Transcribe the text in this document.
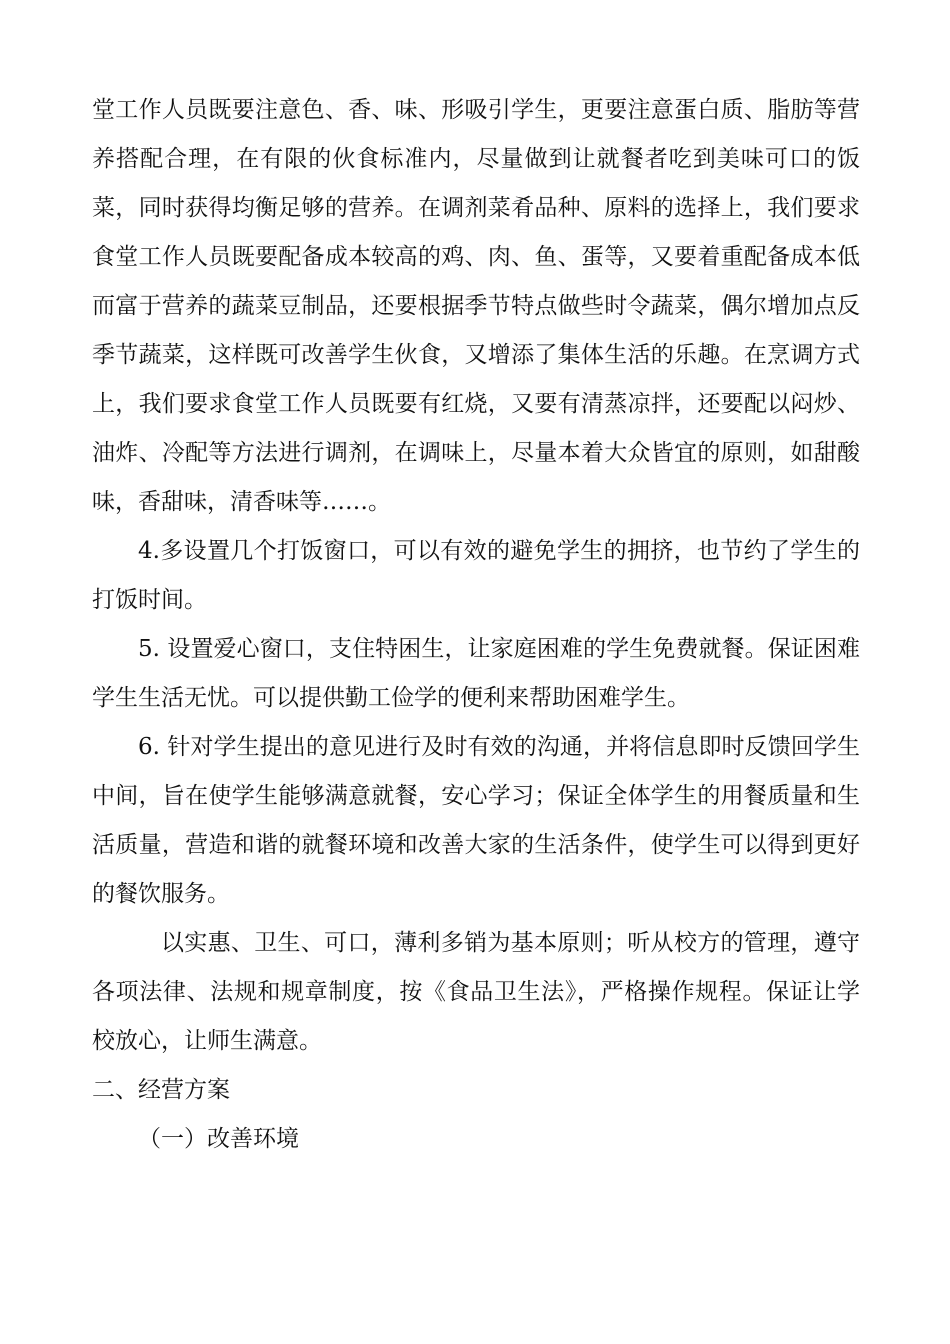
堂工作人员既要注意色、香、味、形吸引学生，更要注意蛋白质、脂肪等营养搭配合理，在有限的伙食标准内，尽量做到让就餐者吃到美味可口的饭菜，同时获得均衡足够的营养。在调剂菜肴品种、原料的选择上，我们要求食堂工作人员既要配备成本较高的鸡、肉、鱼、蛋等，又要着重配备成本低而富于营养的蔬菜豆制品，还要根据季节特点做些时令蔬菜，偶尔增加点反季节蔬菜，这样既可改善学生伙食，又增添了集体生活的乐趣。在烹调方式上，我们要求食堂工作人员既要有红烧，又要有清蒸凉拌，还要配以闷炒、油炸、冷配等方法进行调剂，在调味上，尽量本着大众皆宜的原则，如甜酸味，香甜味，清香味等……。

4.多设置几个打饭窗口，可以有效的避免学生的拥挤，也节约了学生的打饭时间。

5. 设置爱心窗口，支住特困生，让家庭困难的学生免费就餐。保证困难学生生活无忧。可以提供勤工俭学的便利来帮助困难学生。

6. 针对学生提出的意见进行及时有效的沟通，并将信息即时反馈回学生中间，旨在使学生能够满意就餐，安心学习；保证全体学生的用餐质量和生活质量，营造和谐的就餐环境和改善大家的生活条件，使学生可以得到更好的餐饮服务。

以实惠、卫生、可口，薄利多销为基本原则；听从校方的管理，遵守各项法律、法规和规章制度，按《食品卫生法》，严格操作规程。保证让学校放心，让师生满意。

二、经营方案

（一）改善环境
